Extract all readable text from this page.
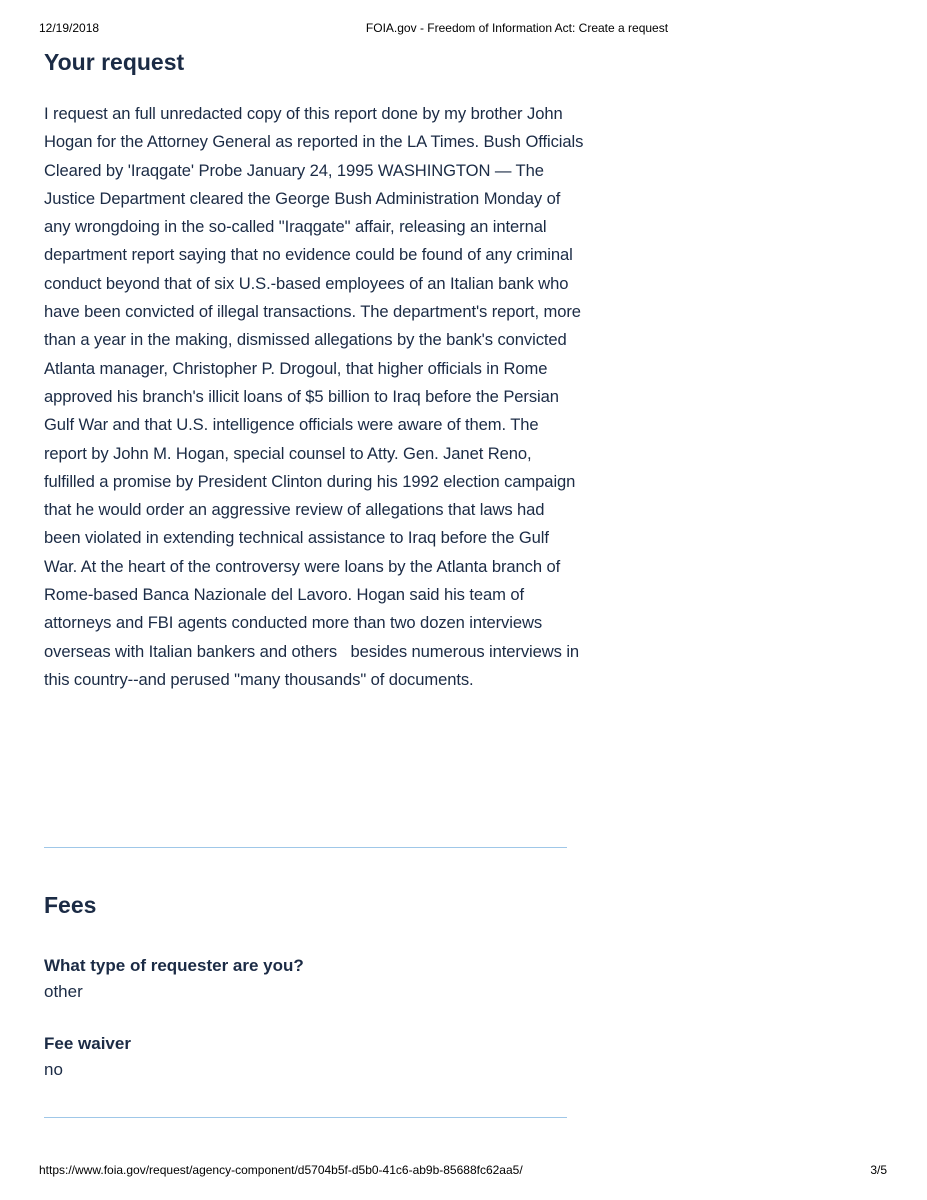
12/19/2018	FOIA.gov - Freedom of Information Act: Create a request
Your request

I request an full unredacted copy of this report done by my brother John Hogan for the Attorney General as reported in the LA Times. Bush Officials Cleared by 'Iraqgate' Probe January 24, 1995 WASHINGTON — The Justice Department cleared the George Bush Administration Monday of any wrongdoing in the so-called "Iraqgate" affair, releasing an internal department report saying that no evidence could be found of any criminal conduct beyond that of six U.S.-based employees of an Italian bank who have been convicted of illegal transactions. The department's report, more than a year in the making, dismissed allegations by the bank's convicted Atlanta manager, Christopher P. Drogoul, that higher officials in Rome approved his branch's illicit loans of $5 billion to Iraq before the Persian Gulf War and that U.S. intelligence officials were aware of them. The report by John M. Hogan, special counsel to Atty. Gen. Janet Reno, fulfilled a promise by President Clinton during his 1992 election campaign that he would order an aggressive review of allegations that laws had been violated in extending technical assistance to Iraq before the Gulf War. At the heart of the controversy were loans by the Atlanta branch of Rome-based Banca Nazionale del Lavoro. Hogan said his team of attorneys and FBI agents conducted more than two dozen interviews overseas with Italian bankers and others   besides numerous interviews in this country--and perused "many thousands" of documents.

Fees
What type of requester are you?
other
Fee waiver
no
https://www.foia.gov/request/agency-component/d5704b5f-d5b0-41c6-ab9b-85688fc62aa5/	3/5
